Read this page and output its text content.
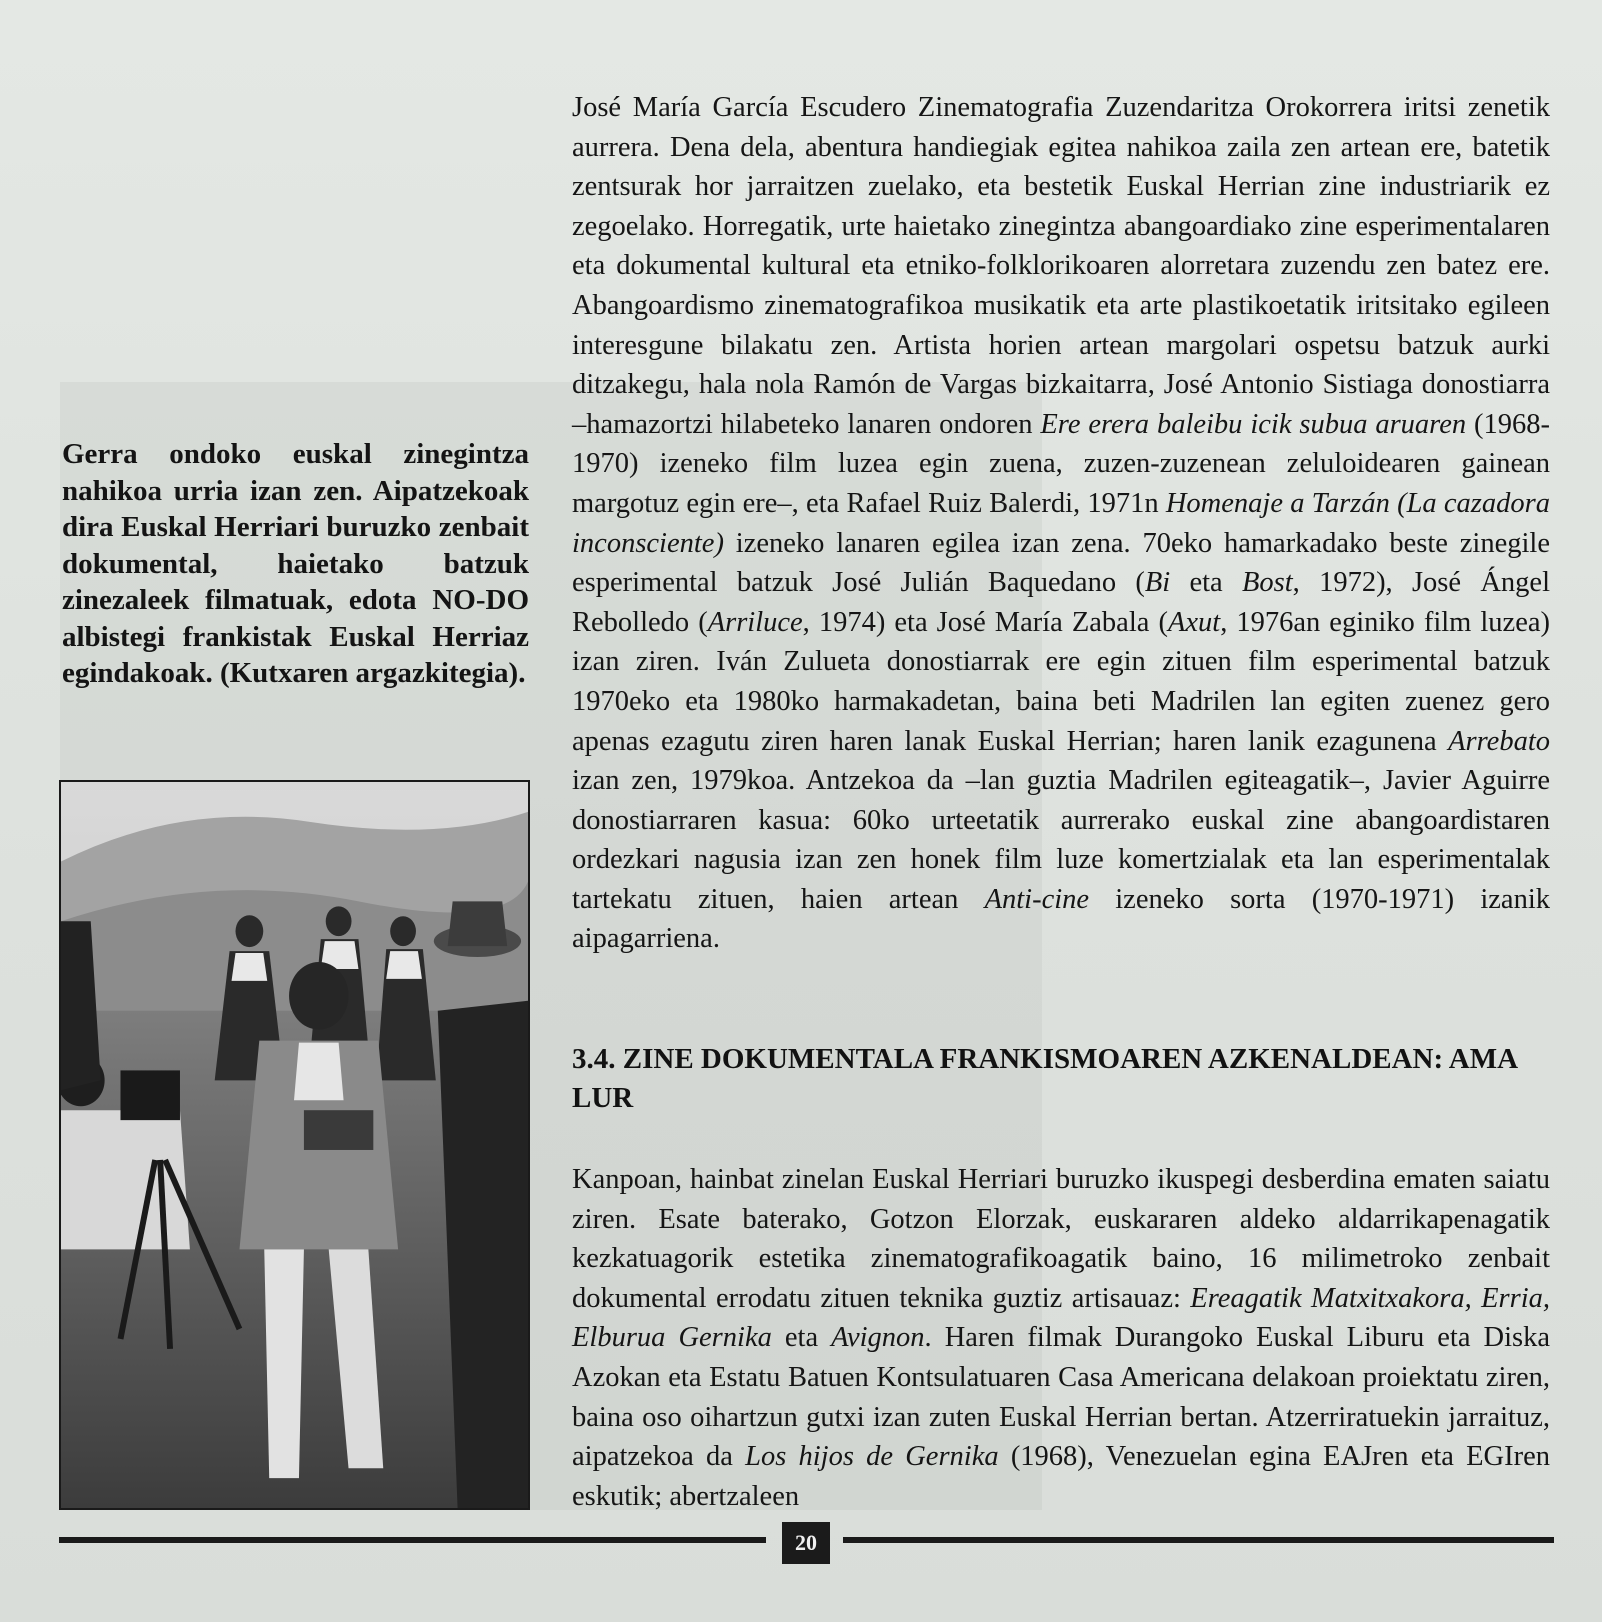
Gerra ondoko euskal zinegintza nahikoa urria izan zen. Aipatzekoak dira Euskal Herriari buruzko zenbait dokumental, haietako batzuk zinezaleek filmatuak, edota NO-DO albistegi frankistak Euskal Herriaz egindakoak. (Kutxaren argazkitegia).

José María García Escudero Zinematografia Zuzendaritza Orokorrera iritsi zenetik aurrera. Dena dela, abentura handiegiak egitea nahikoa zaila zen artean ere, batetik zentsurak hor jarraitzen zuelako, eta bestetik Euskal Herrian zine industriarik ez zegoelako. Horregatik, urte haietako zinegintza abangoardiako zine esperimentalaren eta dokumental kultural eta etniko-folklorikoaren alorretara zuzendu zen batez ere. Abangoardismo zinematografikoa musikatik eta arte plastikoetatik iritsitako egileen interesgune bilakatu zen. Artista horien artean margolari ospetsu batzuk aurki ditzakegu, hala nola Ramón de Vargas bizkaitarra, José Antonio Sistiaga donostiarra –hamazortzi hilabeteko lanaren ondoren Ere erera baleibu icik subua aruaren (1968-1970) izeneko film luzea egin zuena, zuzen-zuzenean zeluloidearen gainean margotuz egin ere–, eta Rafael Ruiz Balerdi, 1971n Homenaje a Tarzán (La cazadora inconsciente) izeneko lanaren egilea izan zena. 70eko hamarkadako beste zinegile esperimental batzuk José Julián Baquedano (Bi eta Bost, 1972), José Ángel Rebolledo (Arriluce, 1974) eta José María Zabala (Axut, 1976an eginiko film luzea) izan ziren. Iván Zulueta donostiarrak ere egin zituen film esperimental batzuk 1970eko eta 1980ko harmakadetan, baina beti Madrilen lan egiten zuenez gero apenas ezagutu ziren haren lanak Euskal Herrian; haren lanik ezagunena Arrebato izan zen, 1979koa. Antzekoa da –lan guztia Madrilen egiteagatik–, Javier Aguirre donostiarraren kasua: 60ko urteetatik aurrerako euskal zine abangoardistaren ordezkari nagusia izan zen honek film luze komertzialak eta lan esperimentalak tartekatu zituen, haien artean Anti-cine izeneko sorta (1970-1971) izanik aipagarriena.

3.4. ZINE DOKUMENTALA FRANKISMOAREN AZKENALDEAN: AMA LUR

Kanpoan, hainbat zinelan Euskal Herriari buruzko ikuspegi desberdina ematen saiatu ziren. Esate baterako, Gotzon Elorzak, euskararen aldeko aldarrikapenagatik kezkatuagorik estetika zinematografikoagatik baino, 16 milimetroko zenbait dokumental errodatu zituen teknika guztiz artisauaz: Ereagatik Matxitxakora, Erria, Elburua Gernika eta Avignon. Haren filmak Durangoko Euskal Liburu eta Diska Azokan eta Estatu Batuen Kontsulatuaren Casa Americana delakoan proiektatu ziren, baina oso oihartzun gutxi izan zuten Euskal Herrian bertan. Atzerriratuekin jarraituz, aipatzekoa da Los hijos de Gernika (1968), Venezuelan egina EAJren eta EGIren eskutik; abertzaleen

20
